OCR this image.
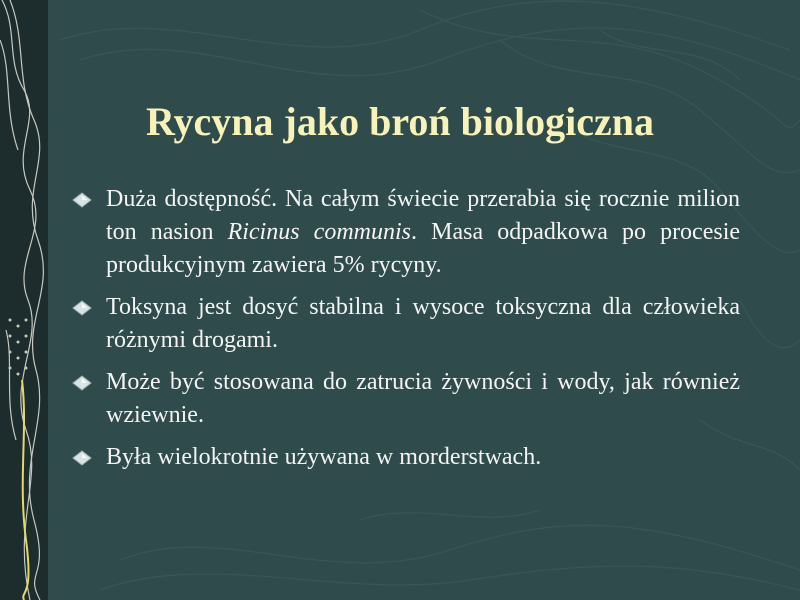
Rycyna jako broń biologiczna
Duża dostępność. Na całym świecie przerabia się rocznie milion ton nasion Ricinus communis. Masa odpadkowa po procesie produkcyjnym zawiera 5% rycyny.
Toksyna jest dosyć stabilna i wysoce toksyczna dla człowieka różnymi drogami.
Może być stosowana do zatrucia żywności i wody, jak również wziewnie.
Była wielokrotnie używana w morderstwach.
